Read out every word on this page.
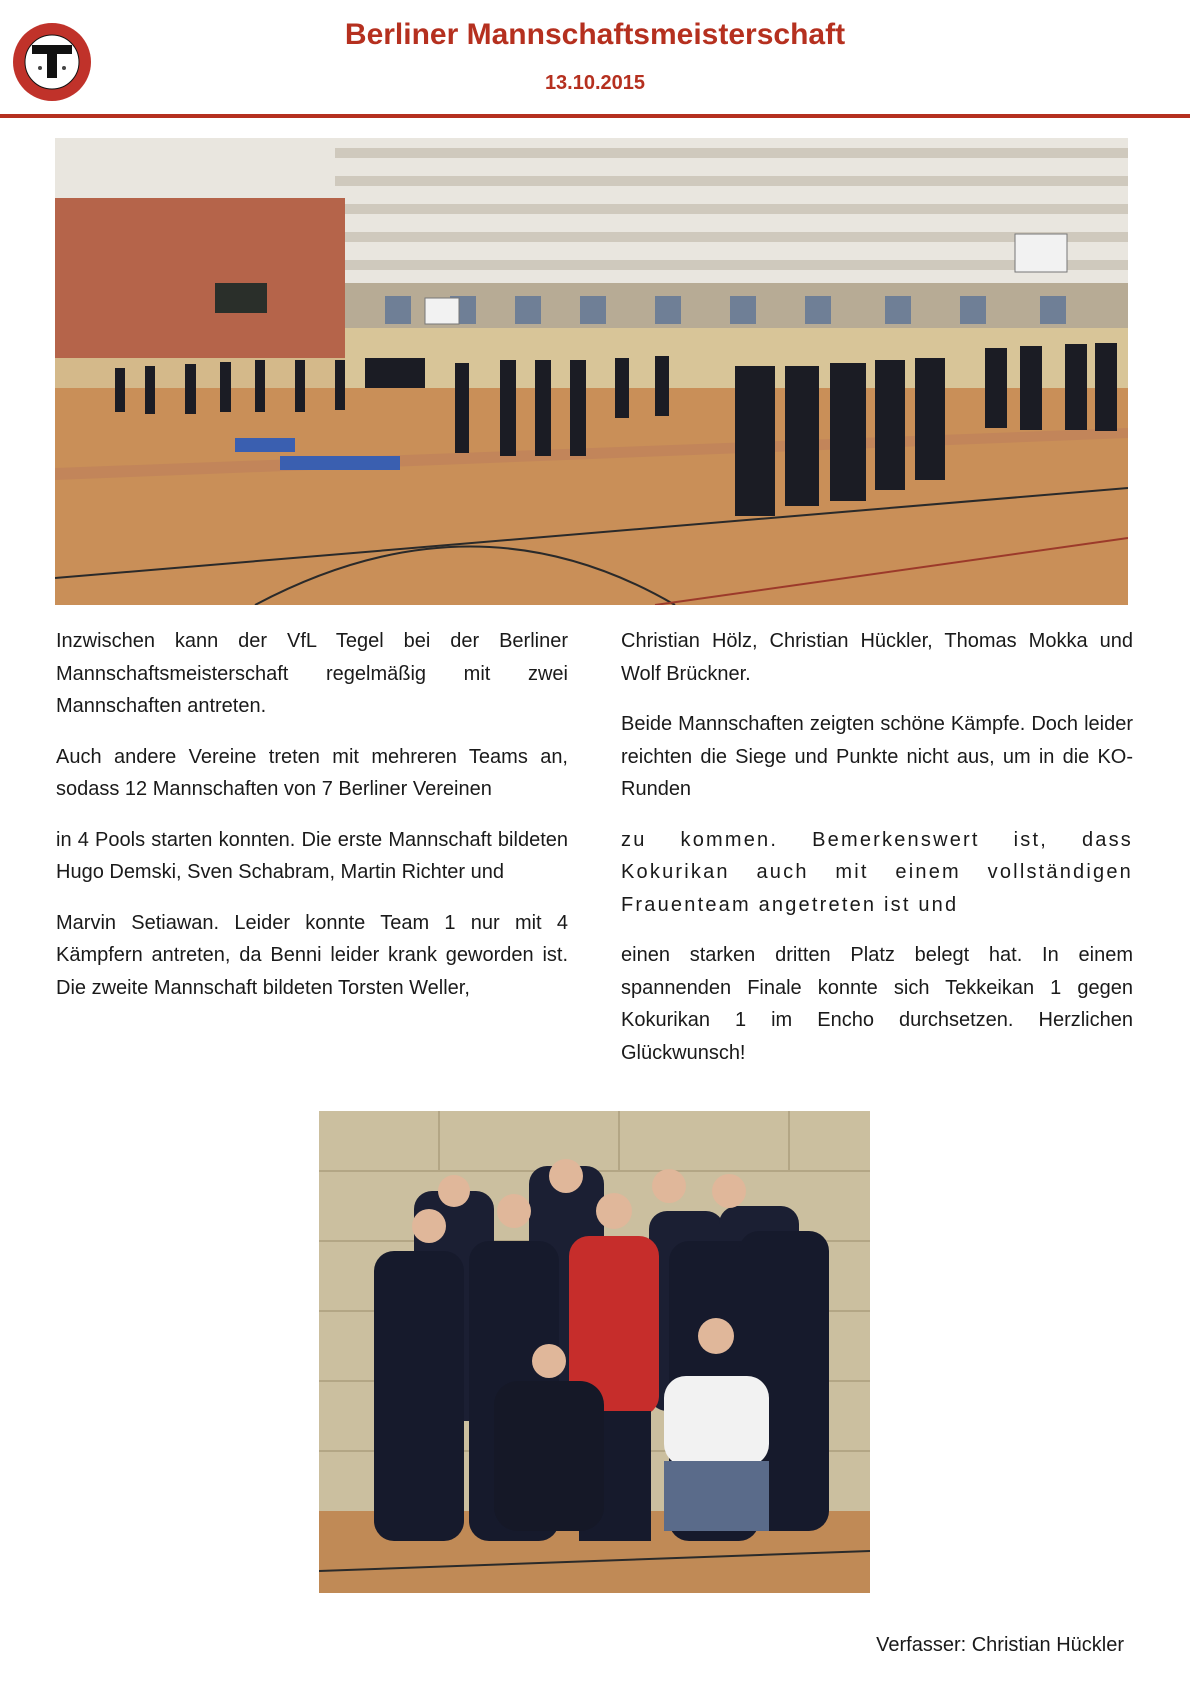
Berliner Mannschaftsmeisterschaft

13.10.2015

Inzwischen kann der VfL Tegel bei der Berliner Mannschaftsmeisterschaft regelmäßig mit zwei Mannschaften antreten.

Auch andere Vereine treten mit mehreren Teams an, sodass 12 Mannschaften von 7 Berliner Vereinen

in 4 Pools starten konnten. Die erste Mannschaft bildeten Hugo Demski, Sven Schabram, Martin Richter und

Marvin Setiawan. Leider konnte Team 1 nur mit 4 Kämpfern antreten, da Benni leider krank geworden ist. Die zweite Mannschaft bildeten Torsten Weller,

Christian Hölz, Christian Hückler, Thomas Mokka und Wolf Brückner.

Beide Mannschaften zeigten schöne Kämpfe. Doch leider reichten die Siege und Punkte nicht aus, um in die KO-Runden

zu kommen. Bemerkenswert ist, dass Kokurikan auch mit einem vollständigen Frauenteam angetreten ist und

einen starken dritten Platz belegt hat. In einem spannenden Finale konnte sich Tekkeikan 1 gegen Kokurikan 1 im Encho durchsetzen. Herzlichen Glückwunsch!

Verfasser: Christian Hückler
